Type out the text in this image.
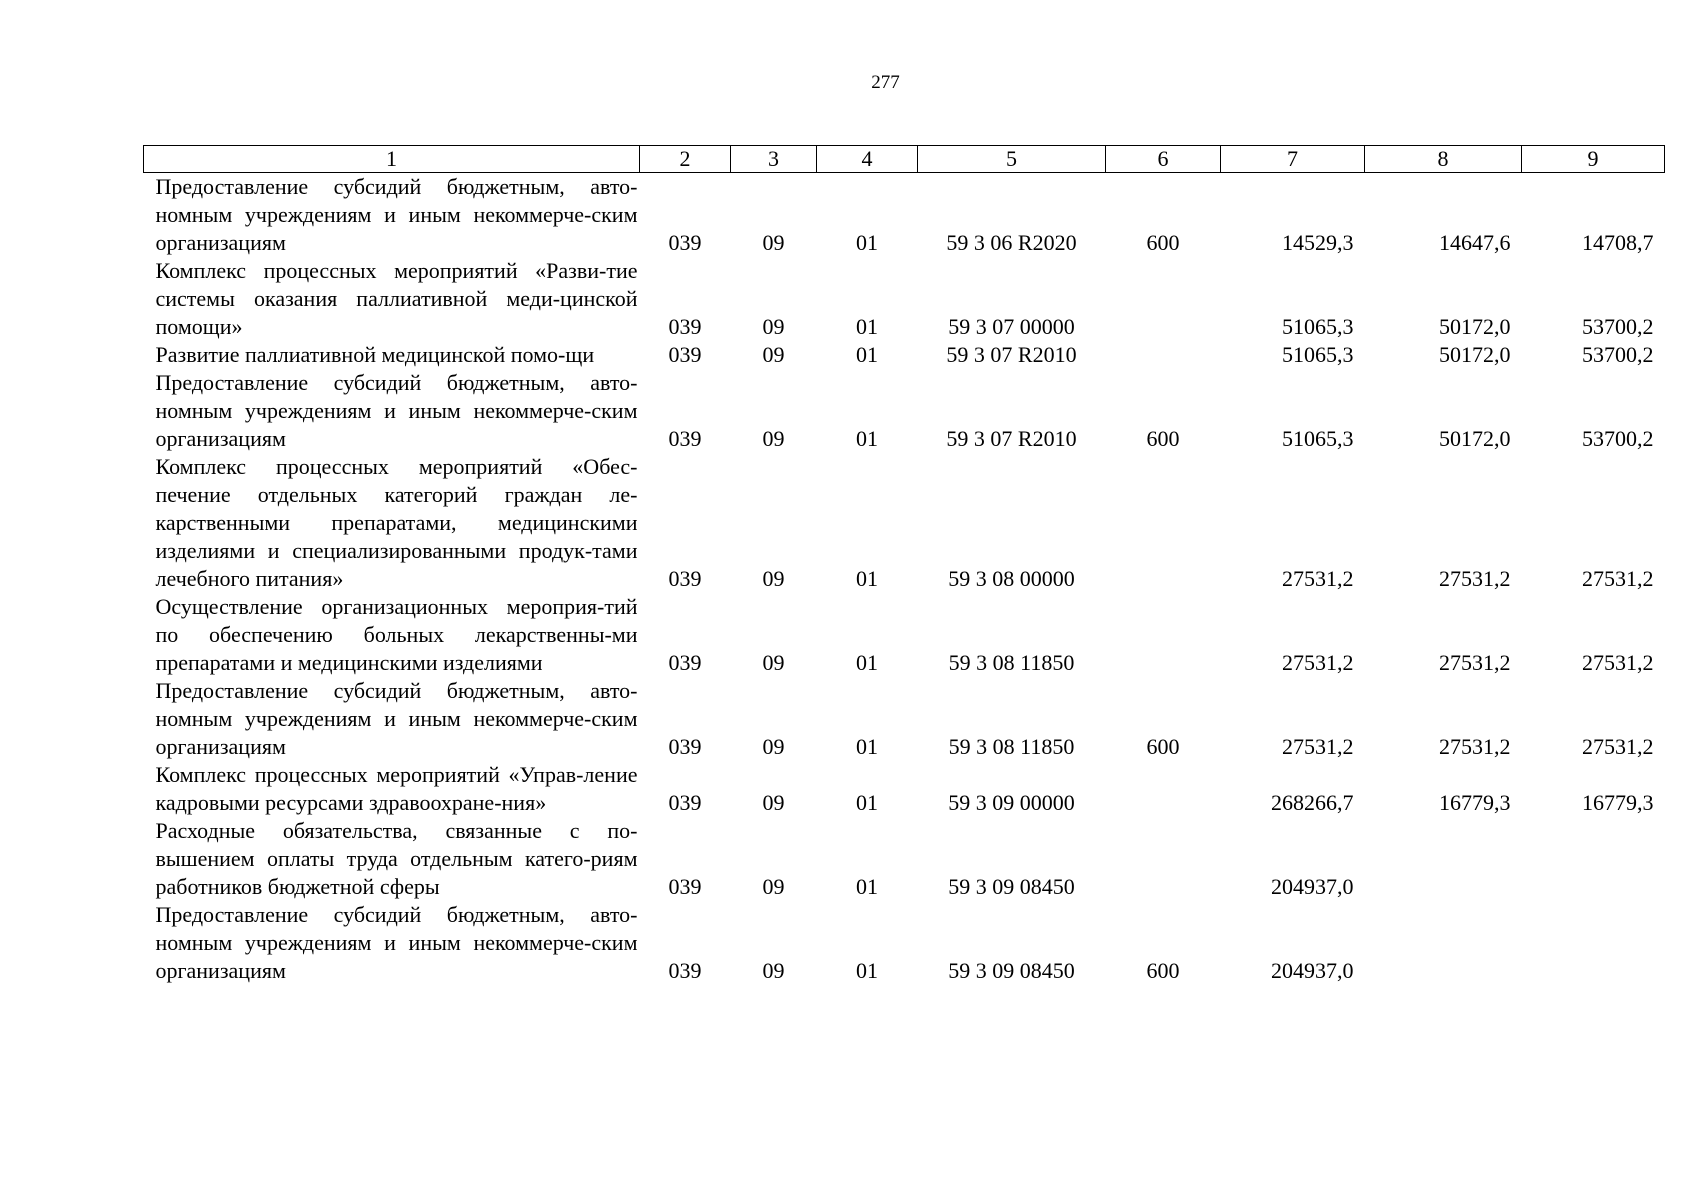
277
1	2	3	4	5	6	7	8	9
Предоставление субсидий бюджетным, авто-номным учреждениям и иным некоммерче-ским организациям	039	09	01	59 3 06 R2020	600	14529,3	14647,6	14708,7
Комплекс процессных мероприятий «Разви-тие системы оказания паллиативной меди-цинской помощи»	039	09	01	59 3 07 00000		51065,3	50172,0	53700,2
Развитие паллиативной медицинской помо-щи	039	09	01	59 3 07 R2010		51065,3	50172,0	53700,2
Предоставление субсидий бюджетным, авто-номным учреждениям и иным некоммерче-ским организациям	039	09	01	59 3 07 R2010	600	51065,3	50172,0	53700,2
Комплекс процессных мероприятий «Обес-печение отдельных категорий граждан ле-карственными препаратами, медицинскими изделиями и специализированными продук-тами лечебного питания»	039	09	01	59 3 08 00000		27531,2	27531,2	27531,2
Осуществление организационных мероприя-тий по обеспечению больных лекарственны-ми препаратами и медицинскими изделиями	039	09	01	59 3 08 11850		27531,2	27531,2	27531,2
Предоставление субсидий бюджетным, авто-номным учреждениям и иным некоммерче-ским организациям	039	09	01	59 3 08 11850	600	27531,2	27531,2	27531,2
Комплекс процессных мероприятий «Управ-ление кадровыми ресурсами здравоохране-ния»	039	09	01	59 3 09 00000		268266,7	16779,3	16779,3
Расходные обязательства, связанные с по-вышением оплаты труда отдельным катего-риям работников бюджетной сферы	039	09	01	59 3 09 08450		204937,0		
Предоставление субсидий бюджетным, авто-номным учреждениям и иным некоммерче-ским организациям	039	09	01	59 3 09 08450	600	204937,0		
